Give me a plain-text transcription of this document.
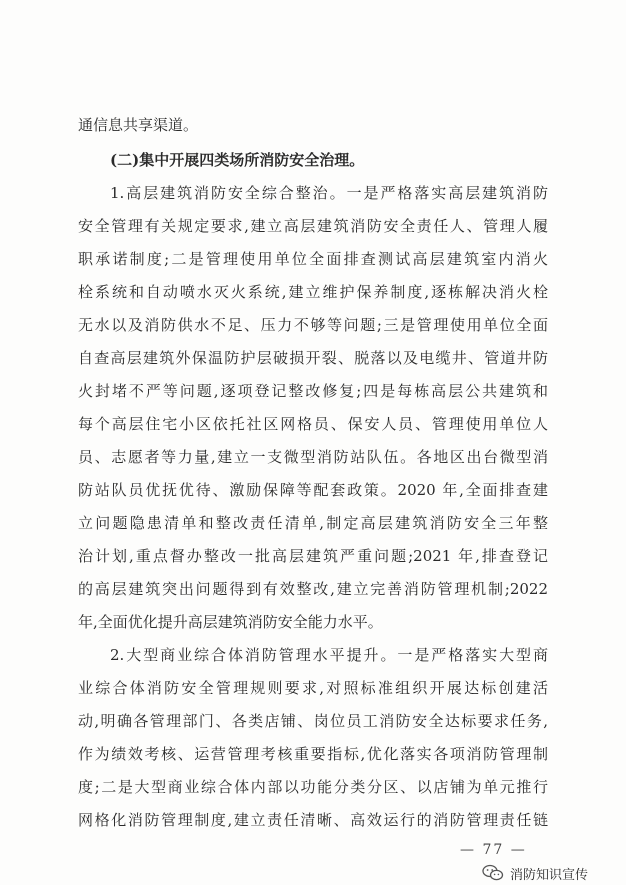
通信息共享渠道。
(二)集中开展四类场所消防安全治理。
1.高层建筑消防安全综合整治。一是严格落实高层建筑消防
安全管理有关规定要求,建立高层建筑消防安全责任人、管理人履
职承诺制度;二是管理使用单位全面排查测试高层建筑室内消火
栓系统和自动喷水灭火系统,建立维护保养制度,逐栋解决消火栓
无水以及消防供水不足、压力不够等问题;三是管理使用单位全面
自查高层建筑外保温防护层破损开裂、脱落以及电缆井、管道井防
火封堵不严等问题,逐项登记整改修复;四是每栋高层公共建筑和
每个高层住宅小区依托社区网格员、保安人员、管理使用单位人
员、志愿者等力量,建立一支微型消防站队伍。各地区出台微型消
防站队员优抚优待、激励保障等配套政策。2020 年,全面排查建
立问题隐患清单和整改责任清单,制定高层建筑消防安全三年整
治计划,重点督办整改一批高层建筑严重问题;2021 年,排查登记
的高层建筑突出问题得到有效整改,建立完善消防管理机制;2022
年,全面优化提升高层建筑消防安全能力水平。
2.大型商业综合体消防管理水平提升。一是严格落实大型商
业综合体消防安全管理规则要求,对照标准组织开展达标创建活
动,明确各管理部门、各类店铺、岗位员工消防安全达标要求任务,
作为绩效考核、运营管理考核重要指标,优化落实各项消防管理制
度;二是大型商业综合体内部以功能分类分区、以店铺为单元推行
网格化消防管理制度,建立责任清晰、高效运行的消防管理责任链
— 77 —
消防知识宣传
